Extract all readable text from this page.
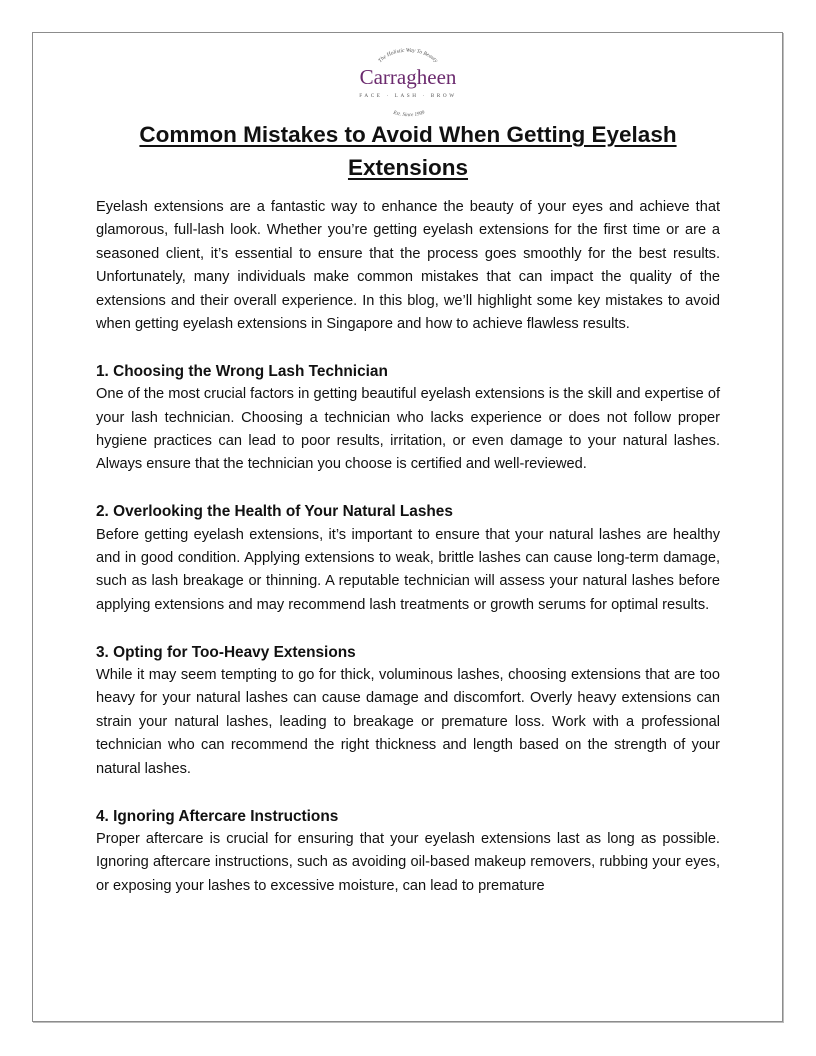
The Holistic Way To Beauty
Carragheen
FACE · LASH · BROW
Est. Since 1999
Common Mistakes to Avoid When Getting Eyelash Extensions

Eyelash extensions are a fantastic way to enhance the beauty of your eyes and achieve that glamorous, full-lash look. Whether you’re getting eyelash extensions for the first time or are a seasoned client, it’s essential to ensure that the process goes smoothly for the best results. Unfortunately, many individuals make common mistakes that can impact the quality of the extensions and their overall experience. In this blog, we’ll highlight some key mistakes to avoid when getting eyelash extensions in Singapore and how to achieve flawless results.

1. Choosing the Wrong Lash Technician

One of the most crucial factors in getting beautiful eyelash extensions is the skill and expertise of your lash technician. Choosing a technician who lacks experience or does not follow proper hygiene practices can lead to poor results, irritation, or even damage to your natural lashes. Always ensure that the technician you choose is certified and well-reviewed.

2. Overlooking the Health of Your Natural Lashes

Before getting eyelash extensions, it’s important to ensure that your natural lashes are healthy and in good condition. Applying extensions to weak, brittle lashes can cause long-term damage, such as lash breakage or thinning. A reputable technician will assess your natural lashes before applying extensions and may recommend lash treatments or growth serums for optimal results.

3. Opting for Too-Heavy Extensions

While it may seem tempting to go for thick, voluminous lashes, choosing extensions that are too heavy for your natural lashes can cause damage and discomfort. Overly heavy extensions can strain your natural lashes, leading to breakage or premature loss. Work with a professional technician who can recommend the right thickness and length based on the strength of your natural lashes.

4. Ignoring Aftercare Instructions

Proper aftercare is crucial for ensuring that your eyelash extensions last as long as possible. Ignoring aftercare instructions, such as avoiding oil-based makeup removers, rubbing your eyes, or exposing your lashes to excessive moisture, can lead to premature
